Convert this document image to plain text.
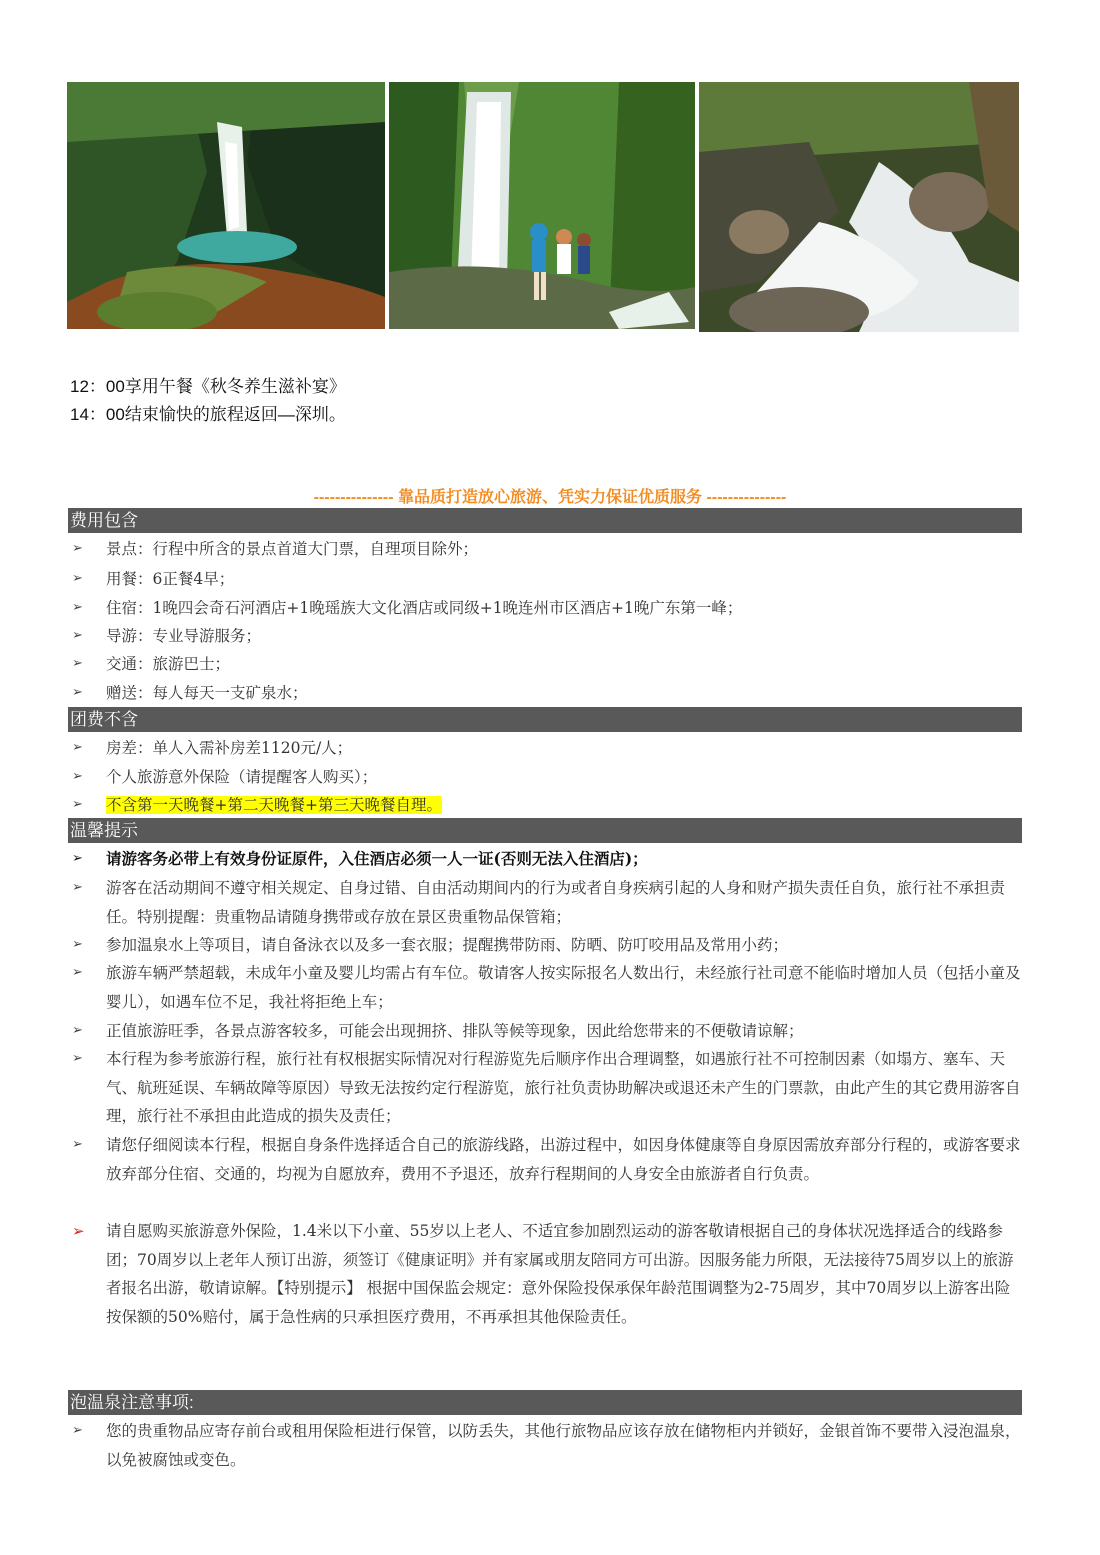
12：00享用午餐《秋冬养生滋补宴》
14：00结束愉快的旅程返回—深圳。
--------------- 靠品质打造放心旅游、凭实力保证优质服务 ---------------
费用包含
➢ 景点：行程中所含的景点首道大门票，自理项目除外；
➢ 用餐：6正餐4早；
➢ 住宿：1晚四会奇石河酒店+1晚瑶族大文化酒店或同级+1晚连州市区酒店+1晚广东第一峰；
➢ 导游：专业导游服务；
➢ 交通：旅游巴士；
➢ 赠送：每人每天一支矿泉水；
团费不含
➢ 房差：单人入需补房差1120元/人；
➢ 个人旅游意外保险（请提醒客人购买）；
➢ 不含第一天晚餐+第二天晚餐+第三天晚餐自理。
温馨提示
➢ 请游客务必带上有效身份证原件，入住酒店必须一人一证(否则无法入住酒店)；
➢ 游客在活动期间不遵守相关规定、自身过错、自由活动期间内的行为或者自身疾病引起的人身和财产损失责任自负，旅行社不承担责任。特别提醒：贵重物品请随身携带或存放在景区贵重物品保管箱；
➢ 参加温泉水上等项目，请自备泳衣以及多一套衣服；提醒携带防雨、防晒、防叮咬用品及常用小药；
➢ 旅游车辆严禁超载，未成年小童及婴儿均需占有车位。敬请客人按实际报名人数出行，未经旅行社司意不能临时增加人员（包括小童及婴儿），如遇车位不足，我社将拒绝上车；
➢ 正值旅游旺季，各景点游客较多，可能会出现拥挤、排队等候等现象，因此给您带来的不便敬请谅解；
➢ 本行程为参考旅游行程，旅行社有权根据实际情况对行程游览先后顺序作出合理调整，如遇旅行社不可控制因素（如塌方、塞车、天气、航班延误、车辆故障等原因）导致无法按约定行程游览，旅行社负责协助解决或退还未产生的门票款，由此产生的其它费用游客自理，旅行社不承担由此造成的损失及责任；
➢ 请您仔细阅读本行程，根据自身条件选择适合自己的旅游线路，出游过程中，如因身体健康等自身原因需放弃部分行程的，或游客要求放弃部分住宿、交通的，均视为自愿放弃，费用不予退还，放弃行程期间的人身安全由旅游者自行负责。
➢ 请自愿购买旅游意外保险，1.4米以下小童、55岁以上老人、不适宜参加剧烈运动的游客敬请根据自己的身体状况选择适合的线路参团；70周岁以上老年人预订出游，须签订《健康证明》并有家属或朋友陪同方可出游。因服务能力所限，无法接待75周岁以上的旅游者报名出游，敬请谅解。【特别提示】 根据中国保监会规定：意外保险投保承保年龄范围调整为2-75周岁，其中70周岁以上游客出险按保额的50%赔付，属于急性病的只承担医疗费用，不再承担其他保险责任。
泡温泉注意事项:
➢ 您的贵重物品应寄存前台或租用保险柜进行保管，以防丢失，其他行旅物品应该存放在储物柜内并锁好，金银首饰不要带入浸泡温泉，以免被腐蚀或变色。
